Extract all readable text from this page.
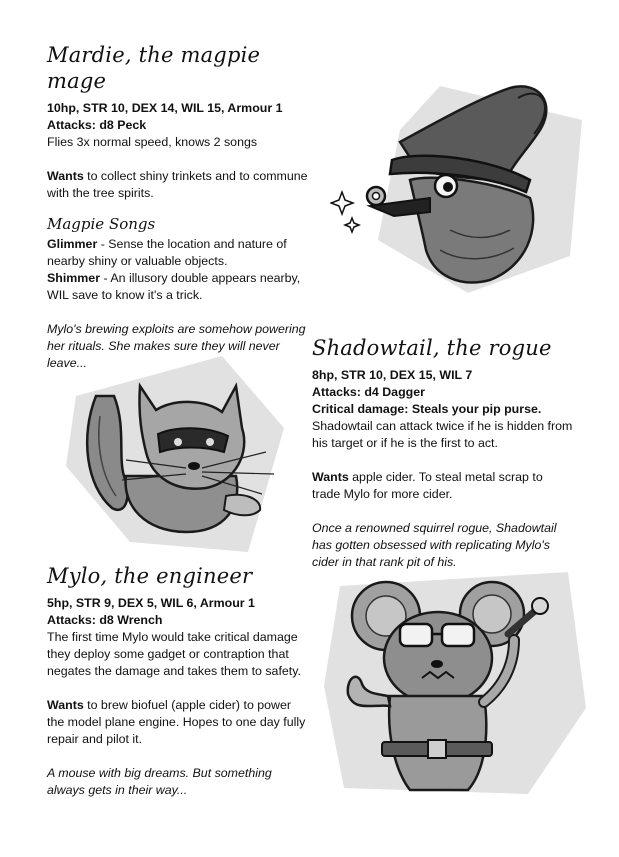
Mardie, the magpie mage
10hp, STR 10, DEX 14, WIL 15, Armour 1
Attacks: d8 Peck
Flies 3x normal speed, knows 2 songs

Wants to collect shiny trinkets and to commune with the tree spirits.

Magpie Songs

Glimmer - Sense the location and nature of nearby shiny or valuable objects.

Shimmer - An illusory double appears nearby, WIL save to know it's a trick.

Mylo's brewing exploits are somehow powering her rituals. She makes sure they will never leave...

Shadowtail, the rogue
8hp, STR 10, DEX 15, WIL 7
Attacks: d4 Dagger
Critical damage: Steals your pip purse.

Shadowtail can attack twice if he is hidden from his target or if he is the first to act.

Wants apple cider. To steal metal scrap to trade Mylo for more cider.

Once a renowned squirrel rogue, Shadowtail has gotten obsessed with replicating Mylo's cider in that rank pit of his.

Mylo, the engineer
5hp, STR 9, DEX 5, WIL 6, Armour 1
Attacks: d8 Wrench

The first time Mylo would take critical damage they deploy some gadget or contraption that negates the damage and takes them to safety.

Wants to brew biofuel (apple cider) to power the model plane engine. Hopes to one day fully repair and pilot it.

A mouse with big dreams. But something always gets in their way...
